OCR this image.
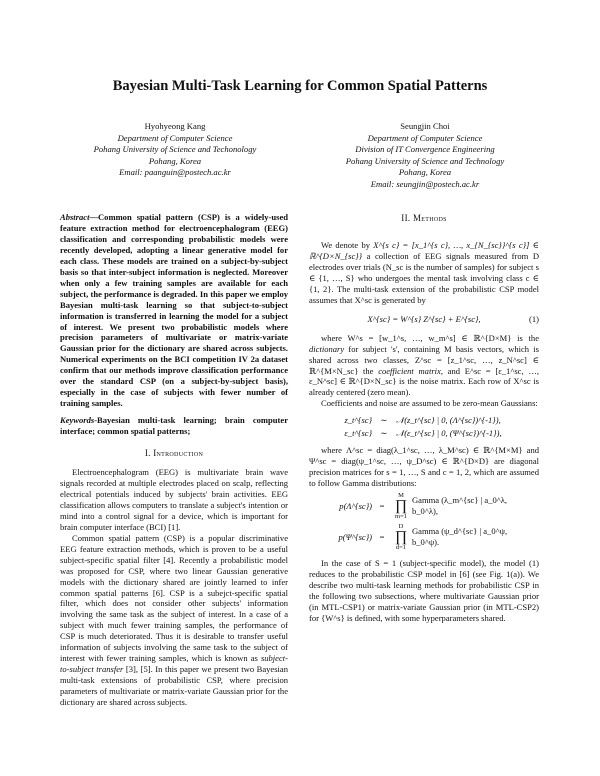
Bayesian Multi-Task Learning for Common Spatial Patterns
Hyohyeong Kang
Department of Computer Science
Pohang University of Science and Techonology
Pohang, Korea
Email: paanguin@postech.ac.kr
Seungjin Choi
Department of Computer Science
Division of IT Convergence Engineering
Pohang University of Science and Technology
Pohang, Korea
Email: seungjin@postech.ac.kr
Abstract—Common spatial pattern (CSP) is a widely-used feature extraction method for electroencephalogram (EEG) classification and corresponding probabilistic models were recently developed, adopting a linear generative model for each class. These models are trained on a subject-by-subject basis so that inter-subject information is neglected. Moreover when only a few training samples are available for each subject, the performance is degraded. In this paper we employ Bayesian multi-task learning so that subject-to-subject information is transferred in learning the model for a subject of interest. We present two probabilistic models where precision parameters of multivariate or matrix-variate Gaussian prior for the dictionary are shared across subjects. Numerical experiments on the BCI competition IV 2a dataset confirm that our methods improve classification performance over the standard CSP (on a subject-by-subject basis), especially in the case of subjects with fewer number of training samples.
Keywords-Bayesian multi-task learning; brain computer interface; common spatial patterns;
I. Introduction

Electroencephalogram (EEG) is multivariate brain wave signals recorded at multiple electrodes placed on scalp, reflecting electrical potentials induced by subjects' brain activities. EEG classification allows computers to translate a subject's intention or mind into a control signal for a device, which is important for brain computer interface (BCI) [1].

Common spatial pattern (CSP) is a popular discriminative EEG feature extraction methods, which is proven to be a useful subject-specific spatial filter [4]. Recently a probabilistic model was proposed for CSP, where two linear Gaussian generative models with the dictionary shared are jointly learned to infer common spatial patterns [6]. CSP is a subejct-specific spatial filter, which does not consider other subjects' information involving the same task as the subject of interest. In a case of a subject with much fewer training samples, the performance of CSP is much deteriorated. Thus it is desirable to transfer useful information of subjects involving the same task to the subject of interest with fewer training samples, which is known as subject-to-subject transfer [3], [5]. In this paper we present two Bayesian multi-task extensions of probabilistic CSP, where precision parameters of multivariate or matrix-variate Gaussian prior for the dictionary are shared across subjects.

II. Methods

We denote by X^{s c} = [x_1^{s c}, …, x_{N_{sc}}^{s c}] ∈ ℝ^{D×N_{sc}} a collection of EEG signals measured from D electrodes over trials (N_sc is the number of samples) for subject s ∈ {1, …, S} who undergoes the mental task involving class c ∈ {1, 2}. The multi-task extension of the probabilistic CSP model assumes that X^sc is generated by

X^{sc} = W^{s} Z^{sc} + E^{sc},	(1)

where W^s = [w_1^s, …, w_m^s] ∈ ℝ^{D×M} is the dictionary for subject 's', containing M basis vectors, which is shared across two classes, Z^sc = [z_1^sc, …, z_N^sc] ∈ ℝ^{M×N_sc} the coefficient matrix, and E^sc = [ε_1^sc, …, ε_N^sc] ∈ ℝ^{D×N_sc} is the noise matrix. Each row of X^sc is already centered (zero mean).

Coefficients and noise are assumed to be zero-mean Gaussians:

z_t^{sc} ∼ 𝒩(z_t^{sc} | 0, (Λ^{sc})^{-1}),
ε_t^{sc} ∼ 𝒩(ε_t^{sc} | 0, (Ψ^{sc})^{-1}),

where Λ^sc = diag(λ_1^sc, …, λ_M^sc) ∈ ℝ^{M×M} and Ψ^sc = diag(ψ_1^sc, …, ψ_D^sc) ∈ ℝ^{D×D} are diagonal precision matrices for s = 1, …, S and c = 1, 2, which are assumed to follow Gamma distributions:

p(Λ^{sc}) =
M
∏
m=1
Gamma (λ_m^{sc} | a_0^λ, b_0^λ),
p(Ψ^{sc}) =
D
∏
d=1
Gamma (ψ_d^{sc} | a_0^ψ, b_0^ψ).

In the case of S = 1 (subject-specific model), the model (1) reduces to the probabilistic CSP model in [6] (see Fig. 1(a)). We describe two multi-task learning methods for probabilistic CSP in the following two subsections, where multivariate Gaussian prior (in MTL-CSP1) or matrix-variate Gaussian prior (in MTL-CSP2) for {W^s} is defined, with some hyperparameters shared.
